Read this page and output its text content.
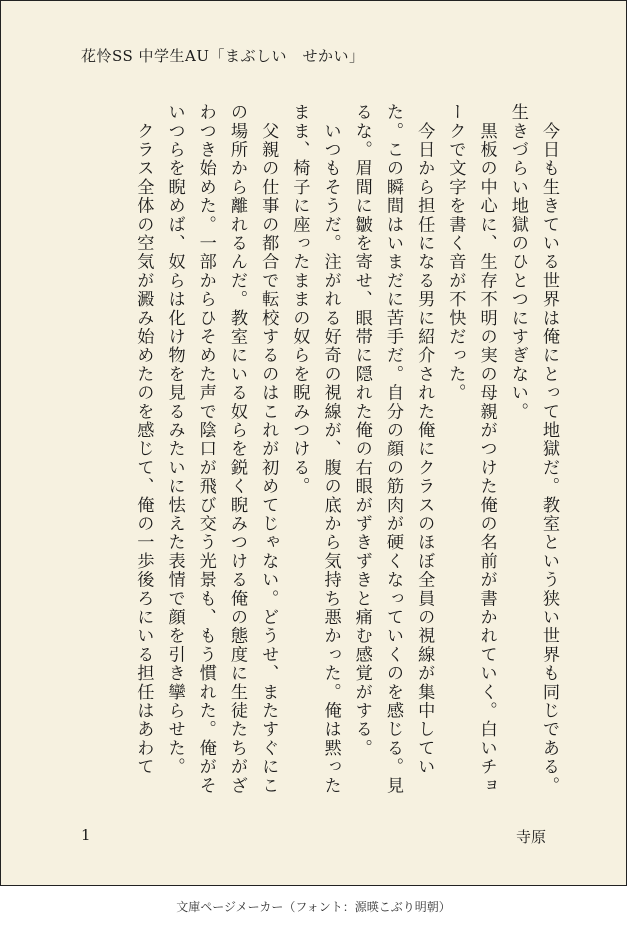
花怜SS 中学生AU「まぶしい　せかい」

　今日も生きている世界は俺にとって地獄だ。教室という狭い世界も同じである。生きづらい地獄のひとつにすぎない。

　黒板の中心に、生存不明の実の母親がつけた俺の名前が書かれていく。白いチョークで文字を書く音が不快だった。

　今日から担任になる男に紹介された俺にクラスのほぼ全員の視線が集中していた。この瞬間はいまだに苦手だ。自分の顔の筋肉が硬くなっていくのを感じる。見るな。眉間に皺を寄せ、眼帯に隠れた俺の右眼がずきずきと痛む感覚がする。

　いつもそうだ。注がれる好奇の視線が、腹の底から気持ち悪かった。俺は黙ったまま、椅子に座ったままの奴らを睨みつける。

　父親の仕事の都合で転校するのはこれが初めてじゃない。どうせ、またすぐにこの場所から離れるんだ。教室にいる奴らを鋭く睨みつける俺の態度に生徒たちがざわつき始めた。一部からひそめた声で陰口が飛び交う光景も、もう慣れた。俺がそいつらを睨めば、奴らは化け物を見るみたいに怯えた表情で顔を引き攣らせた。

　クラス全体の空気が澱み始めたのを感じて、俺の一歩後ろにいる担任はあわて

1	寺原
文庫ページメーカー（フォント：源暎こぶり明朝）
